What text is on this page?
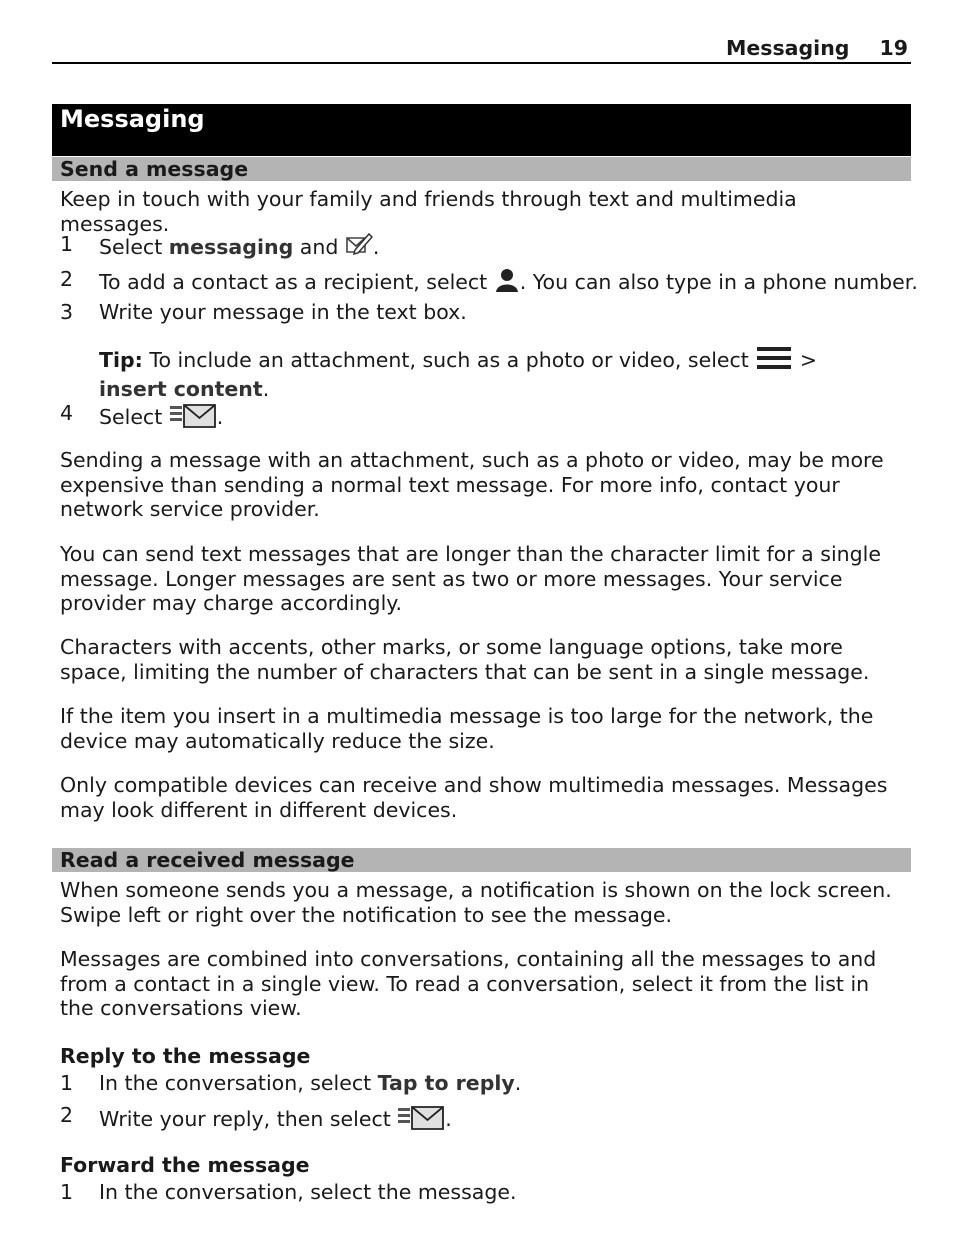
Messaging 19
Messaging
Send a message
Keep in touch with your family and friends through text and multimedia messages.
1 Select messaging and .
2 To add a contact as a recipient, select . You can also type in a phone number.
3 Write your message in the text box.
Tip: To include an attachment, such as a photo or video, select  > insert content.
4 Select .
Sending a message with an attachment, such as a photo or video, may be more expensive than sending a normal text message. For more info, contact your network service provider.
You can send text messages that are longer than the character limit for a single message. Longer messages are sent as two or more messages. Your service provider may charge accordingly.
Characters with accents, other marks, or some language options, take more space, limiting the number of characters that can be sent in a single message.
If the item you insert in a multimedia message is too large for the network, the device may automatically reduce the size.
Only compatible devices can receive and show multimedia messages. Messages may look different in different devices.
Read a received message
When someone sends you a message, a notification is shown on the lock screen. Swipe left or right over the notification to see the message.
Messages are combined into conversations, containing all the messages to and from a contact in a single view. To read a conversation, select it from the list in the conversations view.
Reply to the message
1 In the conversation, select Tap to reply.
2 Write your reply, then select .
Forward the message
1 In the conversation, select the message.
